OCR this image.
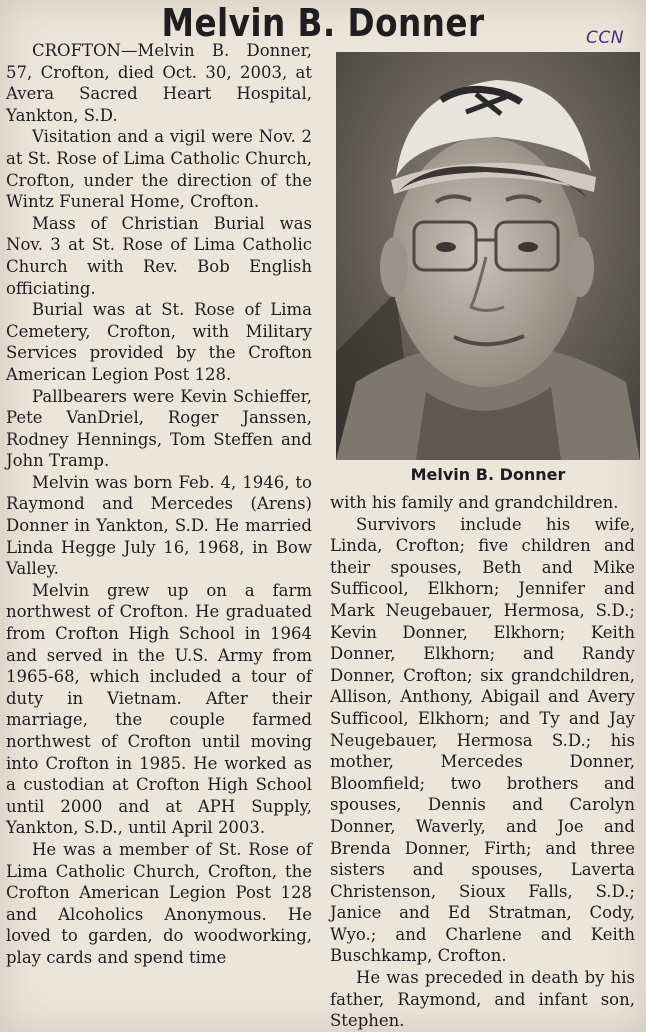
Melvin B. Donner	CCN

CROFTON—Melvin B. Donner, 57, Crofton, died Oct. 30, 2003, at Avera Sacred Heart Hospital, Yankton, S.D.

Visitation and a vigil were Nov. 2 at St. Rose of Lima Catholic Church, Crofton, under the direction of the Wintz Funeral Home, Crofton.

Mass of Christian Burial was Nov. 3 at St. Rose of Lima Catholic Church with Rev. Bob English officiating.

Burial was at St. Rose of Lima Cemetery, Crofton, with Military Services provided by the Crofton American Legion Post 128.

Pallbearers were Kevin Schieffer, Pete VanDriel, Roger Janssen, Rodney Hennings, Tom Steffen and John Tramp.

Melvin was born Feb. 4, 1946, to Raymond and Mercedes (Arens) Donner in Yankton, S.D. He married Linda Hegge July 16, 1968, in Bow Valley.

Melvin grew up on a farm northwest of Crofton. He graduated from Crofton High School in 1964 and served in the U.S. Army from 1965-68, which included a tour of duty in Vietnam. After their marriage, the couple farmed northwest of Crofton until moving into Crofton in 1985. He worked as a custodian at Crofton High School until 2000 and at APH Supply, Yankton, S.D., until April 2003.

He was a member of St. Rose of Lima Catholic Church, Crofton, the Crofton American Legion Post 128 and Alcoholics Anonymous. He loved to garden, do woodworking, play cards and spend time

Melvin B. Donner

with his family and grandchildren.

Survivors include his wife, Linda, Crofton; five children and their spouses, Beth and Mike Sufficool, Elkhorn; Jennifer and Mark Neugebauer, Hermosa, S.D.; Kevin Donner, Elkhorn; Keith Donner, Elkhorn; and Randy Donner, Crofton; six grandchildren, Allison, Anthony, Abigail and Avery Sufficool, Elkhorn; and Ty and Jay Neugebauer, Hermosa S.D.; his mother, Mercedes Donner, Bloomfield; two brothers and spouses, Dennis and Carolyn Donner, Waverly, and Joe and Brenda Donner, Firth; and three sisters and spouses, Laverta Christenson, Sioux Falls, S.D.; Janice and Ed Stratman, Cody, Wyo.; and Charlene and Keith Buschkamp, Crofton.

He was preceded in death by his father, Raymond, and infant son, Stephen.
